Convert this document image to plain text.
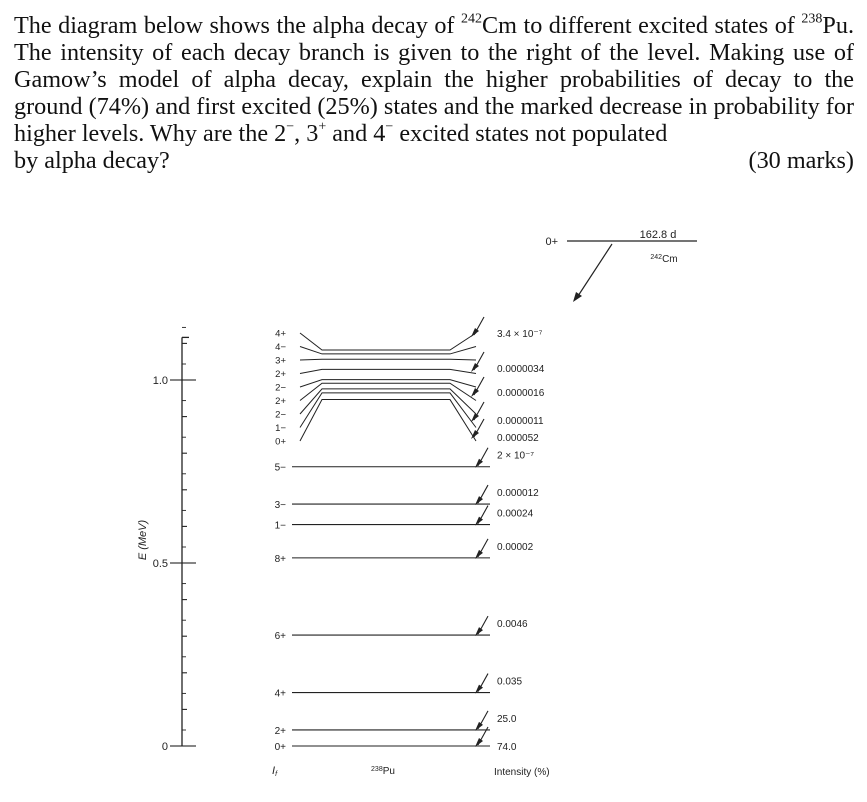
The diagram below shows the alpha decay of $^{242}$Cm to different excited states of $^{238}$Pu. The intensity of each decay branch is given to the right of the level. Making use of Gamow’s model of alpha decay, explain the higher probabilities of decay to the ground (74%) and first excited (25%) states and the marked decrease in probability for higher levels. Why are the 2−, 3+ and 4− excited states not populated
by alpha decay?	(30 marks)
0
0.5
1.0
E (MeV)
0+
162.8 d
$^{242}$Cm
0+
2+
4+
6+
8+
1−
3−
5−
0+
1−
2−
2+
2−
2+
3+
4−
4+
74.0
25.0
0.035
0.0046
0.00002
0.00024
0.000012
2 × 10⁻⁷
0.000052
0.0000011
0.0000016
0.0000034
3.4 × 10⁻⁷
If
$^{238}$Pu	Intensity (%)
